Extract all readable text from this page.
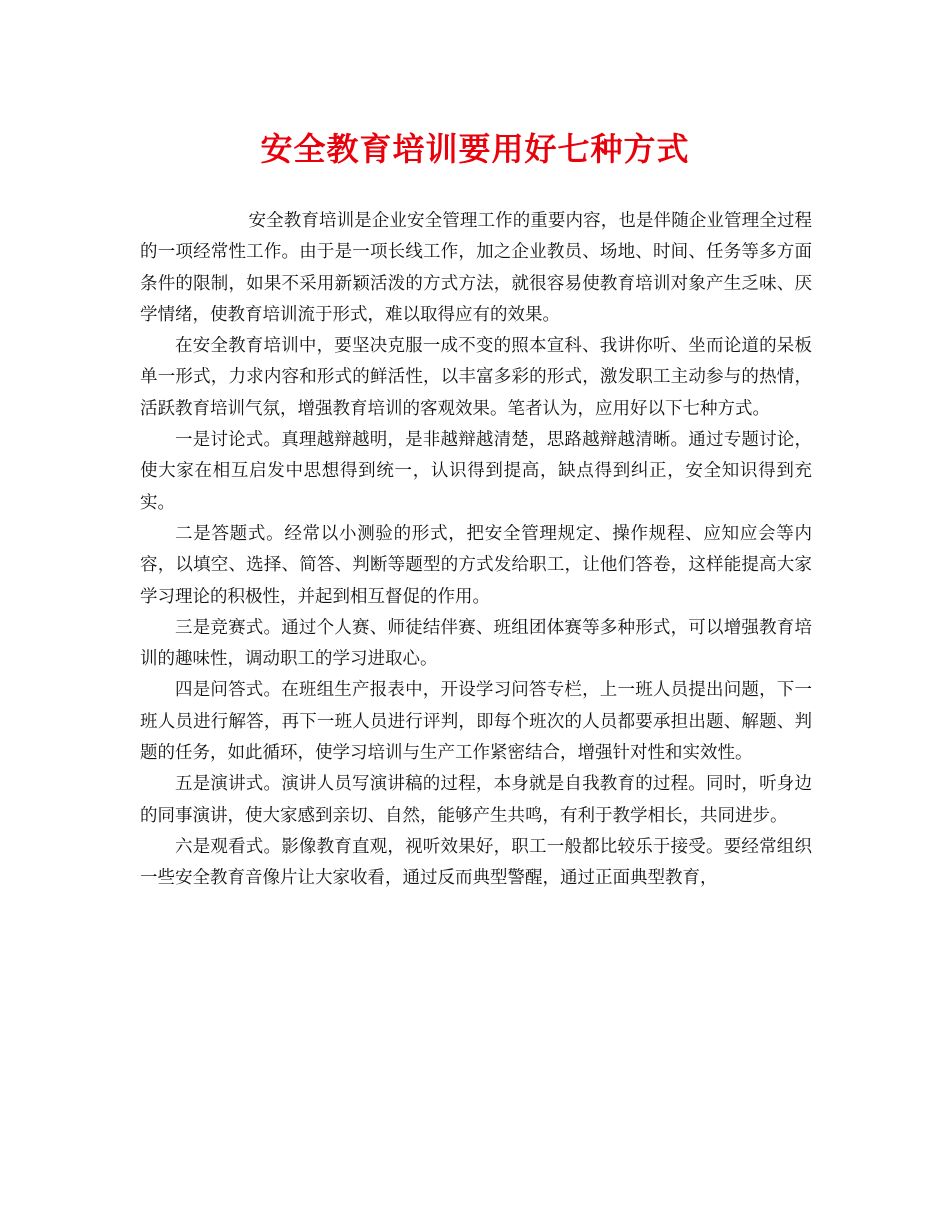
安全教育培训要用好七种方式

安全教育培训是企业安全管理工作的重要内容，也是伴随企业管理全过程的一项经常性工作。由于是一项长线工作，加之企业教员、场地、时间、任务等多方面条件的限制，如果不采用新颖活泼的方式方法，就很容易使教育培训对象产生乏味、厌学情绪，使教育培训流于形式，难以取得应有的效果。

在安全教育培训中，要坚决克服一成不变的照本宣科、我讲你听、坐而论道的呆板单一形式，力求内容和形式的鲜活性，以丰富多彩的形式，激发职工主动参与的热情，活跃教育培训气氛，增强教育培训的客观效果。笔者认为，应用好以下七种方式。

一是讨论式。真理越辩越明，是非越辩越清楚，思路越辩越清晰。通过专题讨论，使大家在相互启发中思想得到统一，认识得到提高，缺点得到纠正，安全知识得到充实。

二是答题式。经常以小测验的形式，把安全管理规定、操作规程、应知应会等内容，以填空、选择、简答、判断等题型的方式发给职工，让他们答卷，这样能提高大家学习理论的积极性，并起到相互督促的作用。

三是竞赛式。通过个人赛、师徒结伴赛、班组团体赛等多种形式，可以增强教育培训的趣味性，调动职工的学习进取心。

四是问答式。在班组生产报表中，开设学习问答专栏，上一班人员提出问题，下一班人员进行解答，再下一班人员进行评判，即每个班次的人员都要承担出题、解题、判题的任务，如此循环，使学习培训与生产工作紧密结合，增强针对性和实效性。

五是演讲式。演讲人员写演讲稿的过程，本身就是自我教育的过程。同时，听身边的同事演讲，使大家感到亲切、自然，能够产生共鸣，有利于教学相长，共同进步。

六是观看式。影像教育直观，视听效果好，职工一般都比较乐于接受。要经常组织一些安全教育音像片让大家收看，通过反而典型警醒，通过正面典型教育，
